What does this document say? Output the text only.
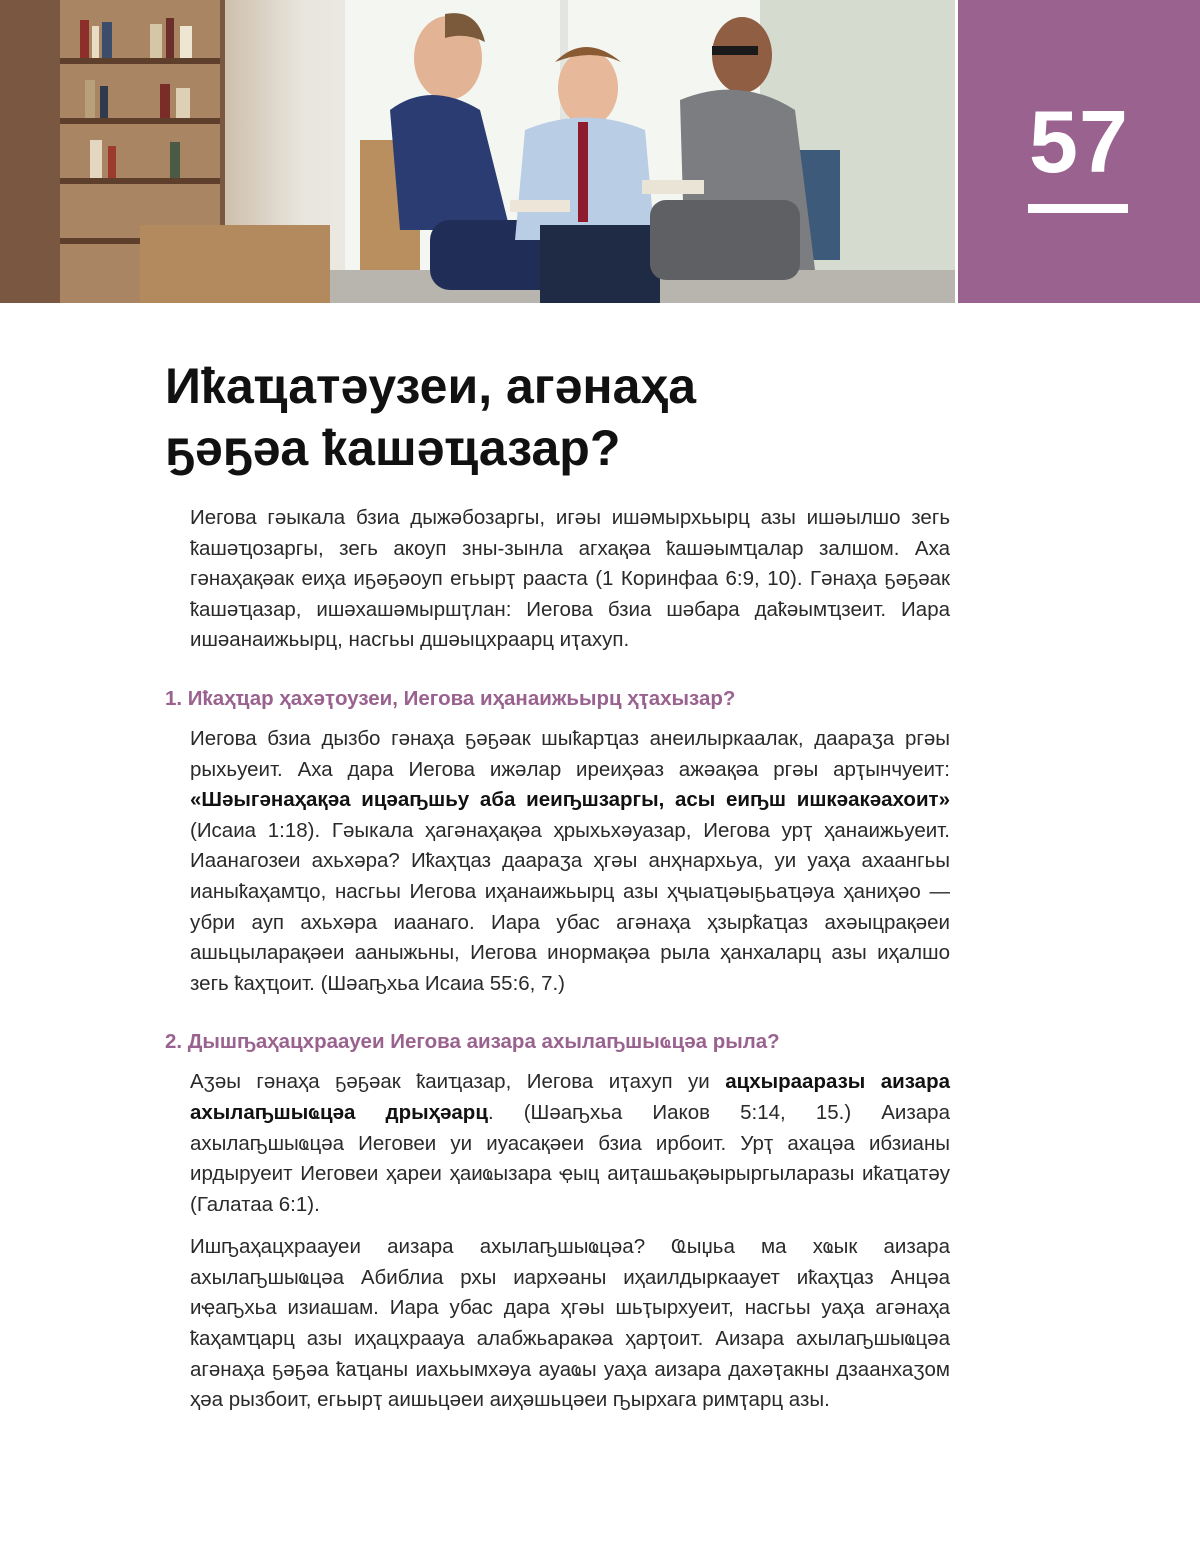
57
Иҟаҵатәузеи, агәнаҳа
ҕәҕәа ҟашәҵазар?

Иегова гәыкала бзиа дыжәбозаргы, игәы ишәмырхьырц азы ишәылшо зегь ҟашәҵозаргы, зегь акоуп зны-зынла агхақәа ҟашәымҵалар залшом. Аха гәнаҳақәак еиҳа иҕәҕәоуп егьырҭ рааста (1 Коринфаа 6:9, 10). Гәнаҳа ҕәҕәак ҟашәҵазар, ишәхашәмыршҭлан: Иегова бзиа шәбара даҟәымҵзеит. Иара ишәанаижьырц, насгьы дшәыцхраарц иҭахуп.

1. Иҟаҳҵар ҳахәҭоузеи, Иегова иҳанаижьырц ҳҭахызар?

Иегова бзиа дызбо гәнаҳа ҕәҕәак шыҟарҵаз анеилыркаалак, даараӡа ргәы рыхьуеит. Аха дара Иегова ижәлар иреиҳәаз ажәақәа ргәы арҭынчуеит: «Шәыгәнаҳақәа ицәаҧшьу аба иеиҧшзаргы, асы еиҧш ишкәакәахоит» (Исаиа 1:18). Гәыкала ҳагәнаҳақәа ҳрыхьхәуазар, Иегова урҭ ҳанаижьуеит. Иаанагозеи ахьхәра? Иҟаҳҵаз даараӡа ҳгәы анҳнархьуа, уи уаҳа ахаангьы ианыҟаҳамҵо, насгьы Иегова иҳанаижьырц азы ҳҷыаҵәыҕьаҵәуа ҳаниҳәо — убри ауп ахьхәра иаанаго. Иара убас агәнаҳа ҳзырҟаҵаз ахәыцрақәеи ашьцыларақәеи ааныжьны, Иегова инормақәа рыла ҳанхаларц азы иҳалшо зегь ҟаҳҵоит. (Шәаҧхьа Исаиа 55:6, 7.)

2. Дышҧаҳацхраауеи Иегова аизара ахылаҧшыҩцәа рыла?

Аӡәы гәнаҳа ҕәҕәак ҟаиҵазар, Иегова иҭахуп уи ацхырааразы аизара ахылаҧшыҩцәа дрыҳәарц. (Шәаҧхьа Иаков 5:14, 15.) Аизара ахылаҧшыҩцәа Иеговеи уи иуасақәеи бзиа ирбоит. Урҭ ахацәа ибзианы ирдыруеит Иеговеи ҳареи ҳаиҩызара ҿыц аиҭашьақәырыргыларазы иҟаҵатәу (Галатаа 6:1).

Ишҧаҳацхраауеи аизара ахылаҧшыҩцәа? Ҩыџьа ма хҩык аизара ахылаҧшыҩцәа Абиблиа рхы иархәаны иҳаилдыркааует иҟаҳҵаз Анцәа иҿаҧхьа изиашам. Иара убас дара ҳгәы шьҭырхуеит, насгьы уаҳа агәнаҳа ҟаҳамҵарц азы иҳацхраауа алабжьаракәа ҳарҭоит. Аизара ахылаҧшыҩцәа агәнаҳа ҕәҕәа ҟаҵаны иахьымхәуа ауаҩы уаҳа аизара дахәҭакны дзаанхаӡом ҳәа рызбоит, егьырҭ аишьцәеи аиҳәшьцәеи ҧырхага римҭарц азы.
